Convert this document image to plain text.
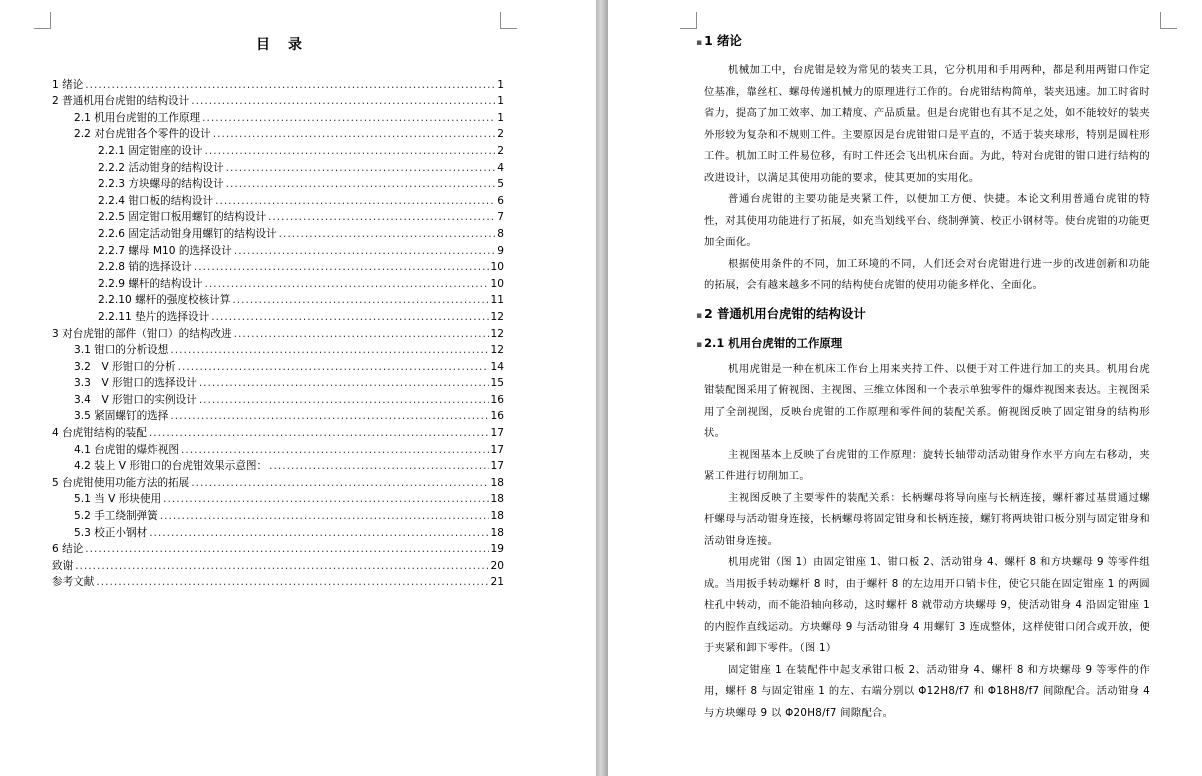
目　录
1 绪论 .....	1
2 普通机用台虎钳的结构设计 .....	1
2.1 机用台虎钳的工作原理 .....	1
2.2 对台虎钳各个零件的设计 .....	2
2.2.1 固定钳座的设计 .....	2
2.2.2 活动钳身的结构设计 .....	4
2.2.3 方块螺母的结构设计 .....	5
2.2.4 钳口板的结构设计 .....	6
2.2.5 固定钳口板用螺钉的结构设计 .....	7
2.2.6 固定活动钳身用螺钉的结构设计 .....	8
2.2.7 螺母 M10 的选择设计 .....	9
2.2.8 销的选择设计 .....	10
2.2.9 螺杆的结构设计 .....	10
2.2.10 螺杆的强度校核计算 .....	11
2.2.11 垫片的选择设计 .....	12
3 对台虎钳的部件（钳口）的结构改进 .....	12
3.1 钳口的分析设想 .....	12
3.2　V 形钳口的分析 .....	14
3.3　V 形钳口的选择设计 .....	15
3.4　V 形钳口的实例设计 .....	16
3.5 紧固螺钉的选择 .....	16
4 台虎钳结构的装配 .....	17
4.1 台虎钳的爆炸视图 .....	17
4.2 装上 V 形钳口的台虎钳效果示意图： .....	17
5 台虎钳使用功能方法的拓展 .....	18
5.1 当 V 形块使用 .....	18
5.2 手工绕制弹簧 .....	18
5.3 校正小钢材 .....	18
6 结论 .....	19
致谢 .....	20
参考文献 .....	21
▪ 1 绪论

机械加工中，台虎钳是较为常见的装夹工具，它分机用和手用两种，都是利用两钳口作定位基准，靠丝杠、螺母传递机械力的原理进行工作的。台虎钳结构简单，装夹迅速。加工时省时省力，提高了加工效率、加工精度、产品质量。但是台虎钳也有其不足之处，如不能较好的装夹外形较为复杂和不规则工件。主要原因是台虎钳钳口是平直的，不适于装夹球形，特别是圆柱形工件。机加工时工件易位移，有时工件还会飞出机床台面。为此，特对台虎钳的钳口进行结构的改进设计，以满足其使用功能的要求，使其更加的实用化。

普通台虎钳的主要功能是夹紧工件，以便加工方便、快捷。本论文利用普通台虎钳的特性，对其使用功能进行了拓展，如充当划线平台、绕制弹簧、校正小钢材等。使台虎钳的功能更加全面化。

根据使用条件的不同，加工环境的不同，人们还会对台虎钳进行进一步的改进创新和功能的拓展，会有越来越多不同的结构使台虎钳的使用功能多样化、全面化。

▪ 2 普通机用台虎钳的结构设计
▪ 2.1 机用台虎钳的工作原理

机用虎钳是一种在机床工作台上用来夹持工件、以便于对工件进行加工的夹具。机用台虎钳装配图采用了俯视图、主视图、三维立体图和一个表示单独零件的爆炸视图来表达。主视图采用了全剖视图，反映台虎钳的工作原理和零件间的装配关系。俯视图反映了固定钳身的结构形状。

主视图基本上反映了台虎钳的工作原理：旋转长轴带动活动钳身作水平方向左右移动，夹紧工件进行切削加工。

主视图反映了主要零件的装配关系：长柄螺母将导向座与长柄连接，螺杆審过基贯通过螺杆螺母与活动钳身连接，长柄螺母将固定钳身和长柄连接，螺钉将两块钳口板分别与固定钳身和活动钳身连接。

机用虎钳（图 1）由固定钳座 1、钳口板 2、活动钳身 4、螺杆 8 和方块螺母 9 等零件组成。当用扳手转动螺杆 8 时，由于螺杆 8 的左边用开口销卡住，使它只能在固定钳座 1 的两圆柱孔中转动，而不能沿轴向移动，这时螺杆 8 就带动方块螺母 9，使活动钳身 4 沿固定钳座 1 的内腔作直线运动。方块螺母 9 与活动钳身 4 用螺钉 3 连成整体，这样使钳口闭合或开放，便于夹紧和卸下零件。（图 1）

固定钳座 1 在装配件中起支承钳口板 2、活动钳身 4、螺杆 8 和方块螺母 9 等零件的作用，螺杆 8 与固定钳座 1 的左、右端分别以 Φ12H8/f7 和 Φ18H8/f7 间隙配合。活动钳身 4 与方块螺母 9 以 Φ20H8/f7 间隙配合。
